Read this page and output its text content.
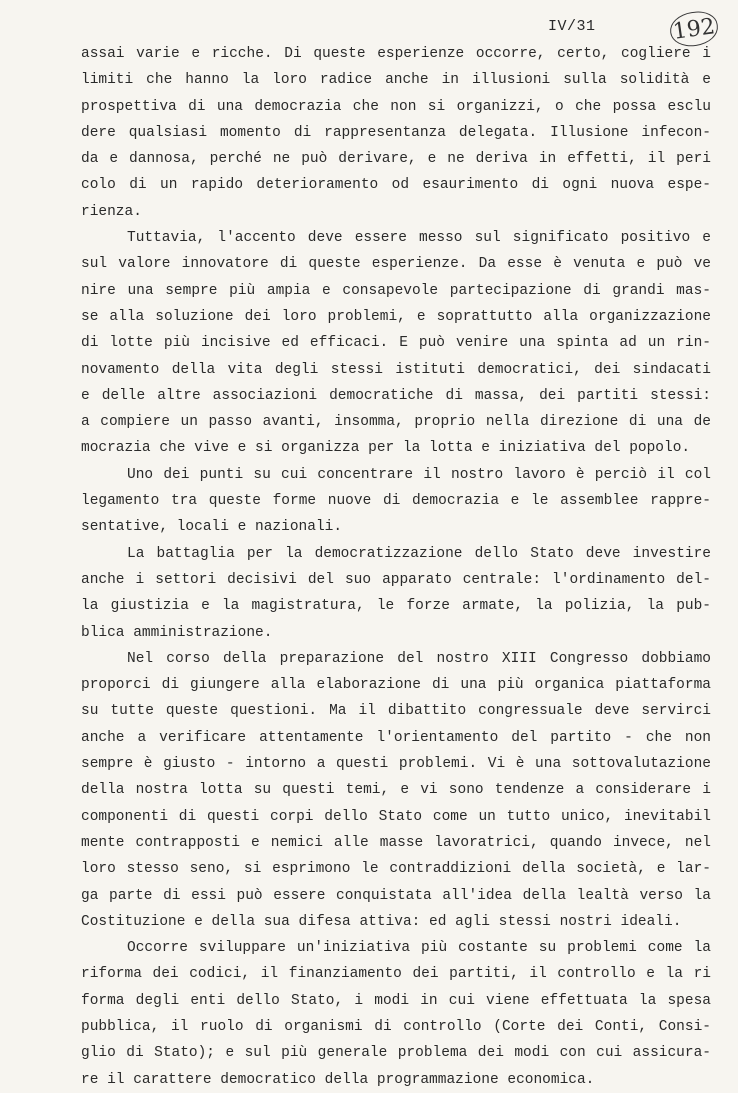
IV/31	192
assai varie e ricche. Di queste esperienze occorre, certo, cogliere i
limiti che hanno la loro radice anche in illusioni sulla solidità e
prospettiva di una democrazia che non si organizzi, o che possa esclu
dere qualsiasi momento di rappresentanza delegata. Illusione infecon-
da e dannosa, perché ne può derivare, e ne deriva in effetti, il peri
colo di un rapido deterioramento od esaurimento di ogni nuova espe-
rienza.
Tuttavia, l'accento deve essere messo sul significato positivo e
sul valore innovatore di queste esperienze. Da esse è venuta e può ve
nire una sempre più ampia e consapevole partecipazione di grandi mas-
se alla soluzione dei loro problemi, e soprattutto alla organizzazione
di lotte più incisive ed efficaci. E può venire una spinta ad un rin-
novamento della vita degli stessi istituti democratici, dei sindacati
e delle altre associazioni democratiche di massa, dei partiti stessi:
a compiere un passo avanti, insomma, proprio nella direzione di una de
mocrazia che vive e si organizza per la lotta e iniziativa del popolo.
Uno dei punti su cui concentrare il nostro lavoro è perciò il col
legamento tra queste forme nuove di democrazia e le assemblee rappre-
sentative, locali e nazionali.
La battaglia per la democratizzazione dello Stato deve investire
anche i settori decisivi del suo apparato centrale: l'ordinamento del-
la giustizia e la magistratura, le forze armate, la polizia, la pub-
blica amministrazione.
Nel corso della preparazione del nostro XIII Congresso dobbiamo
proporci di giungere alla elaborazione di una più organica piattaforma
su tutte queste questioni. Ma il dibattito congressuale deve servirci
anche a verificare attentamente l'orientamento del partito - che non
sempre è giusto - intorno a questi problemi. Vi è una sottovalutazione
della nostra lotta su questi temi, e vi sono tendenze a considerare i
componenti di questi corpi dello Stato come un tutto unico, inevitabil
mente contrapposti e nemici alle masse lavoratrici, quando invece, nel
loro stesso seno, si esprimono le contraddizioni della società, e lar-
ga parte di essi può essere conquistata all'idea della lealtà verso la
Costituzione e della sua difesa attiva: ed agli stessi nostri ideali.
Occorre sviluppare un'iniziativa più costante su problemi come la
riforma dei codici, il finanziamento dei partiti, il controllo e la ri
forma degli enti dello Stato, i modi in cui viene effettuata la spesa
pubblica, il ruolo di organismi di controllo (Corte dei Conti, Consi-
glio di Stato); e sul più generale problema dei modi con cui assicura-
re il carattere democratico della programmazione economica.
